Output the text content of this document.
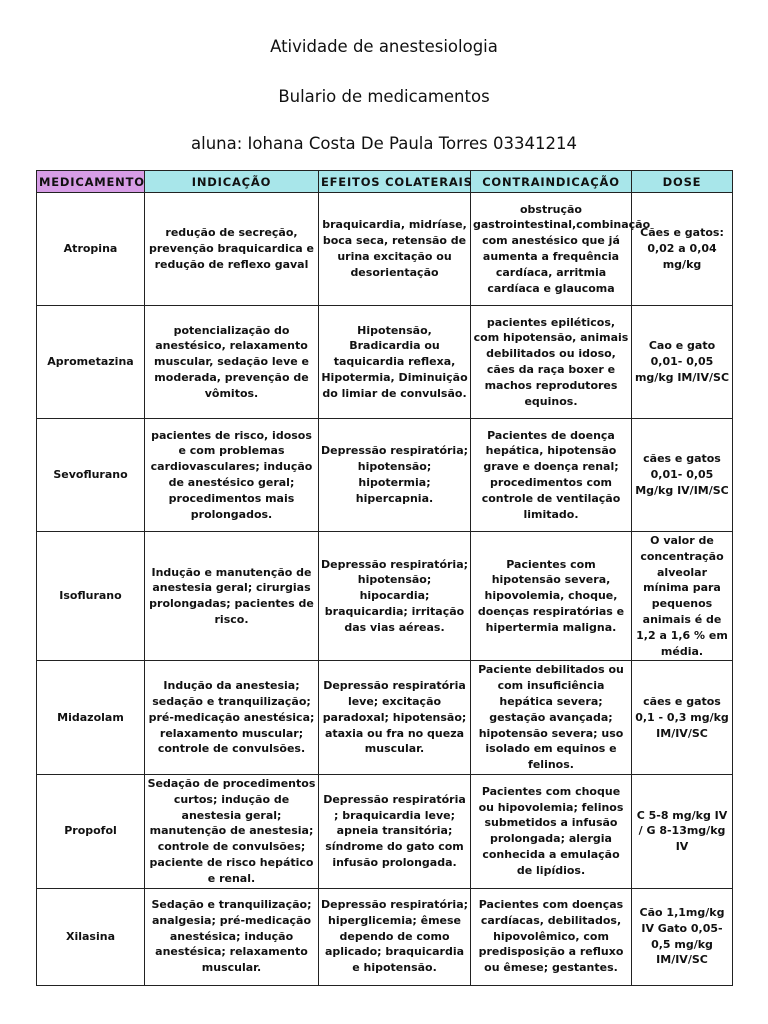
Atividade de anestesiologia
Bulario de medicamentos
aluna: Iohana Costa De Paula Torres 03341214
MEDICAMENTO	INDICAÇÃO	EFEITOS COLATERAIS	CONTRAINDICAÇÃO	DOSE
Atropina	redução de secreção, prevenção braquicardica e redução de reflexo gaval	braquicardia, midríase, boca seca, retensão de urina excitação ou desorientação	obstrução gastrointestinal,combinação com anestésico que já aumenta a frequência cardíaca, arritmia cardíaca e glaucoma	Cães e gatos: 0,02 a 0,04 mg/kg
Aprometazina	potencialização do anestésico, relaxamento muscular, sedação leve e moderada, prevenção de vômitos.	Hipotensão, Bradicardia ou taquicardia reflexa, Hipotermia, Diminuição do limiar de convulsão.	pacientes epiléticos, com hipotensão, animais debilitados ou idoso, cães da raça boxer e machos reprodutores equinos.	Cao e gato 0,01- 0,05 mg/kg IM/IV/SC
Sevoflurano	pacientes de risco, idosos e com problemas cardiovasculares; indução de anestésico geral; procedimentos mais prolongados.	Depressão respiratória; hipotensão; hipotermia; hipercapnia.	Pacientes de doença hepática, hipotensão grave e doença renal; procedimentos com controle de ventilação limitado.	cães e gatos 0,01- 0,05 Mg/kg IV/IM/SC
Isoflurano	Indução e manutenção de anestesia geral; cirurgias prolongadas; pacientes de risco.	Depressão respiratória; hipotensão; hipocardia; braquicardia; irritação das vias aéreas.	Pacientes com hipotensão severa, hipovolemia, choque, doenças respiratórias e hipertermia maligna.	O valor de concentração alveolar mínima para pequenos animais é de 1,2 a 1,6 % em média.
Midazolam	Indução da anestesia; sedação e tranquilização; pré-medicação anestésica; relaxamento muscular; controle de convulsões.	Depressão respiratória leve; excitação paradoxal; hipotensão; ataxia ou fra no queza muscular.	Paciente debilitados ou com insuficiência hepática severa; gestação avançada; hipotensão severa; uso isolado em equinos e felinos.	cães e gatos 0,1 - 0,3 mg/kg IM/IV/SC
Propofol	Sedação de procedimentos curtos; indução de anestesia geral; manutenção de anestesia; controle de convulsões; paciente de risco hepático e renal.	Depressão respiratória ; braquicardia leve; apneia transitória; síndrome do gato com infusão prolongada.	Pacientes com choque ou hipovolemia; felinos submetidos a infusão prolongada; alergia conhecida a emulação de lipídios.	C 5-8 mg/kg IV / G 8-13mg/kg IV
Xilasina	Sedação e tranquilização; analgesia; pré-medicação anestésica; indução anestésica; relaxamento muscular.	Depressão respiratória; hiperglicemia; êmese dependo de como aplicado; braquicardia e hipotensão.	Pacientes com doenças cardíacas, debilitados, hipovolêmico, com predisposição a refluxo ou êmese; gestantes.	Cão 1,1mg/kg IV Gato 0,05-0,5 mg/kg IM/IV/SC
